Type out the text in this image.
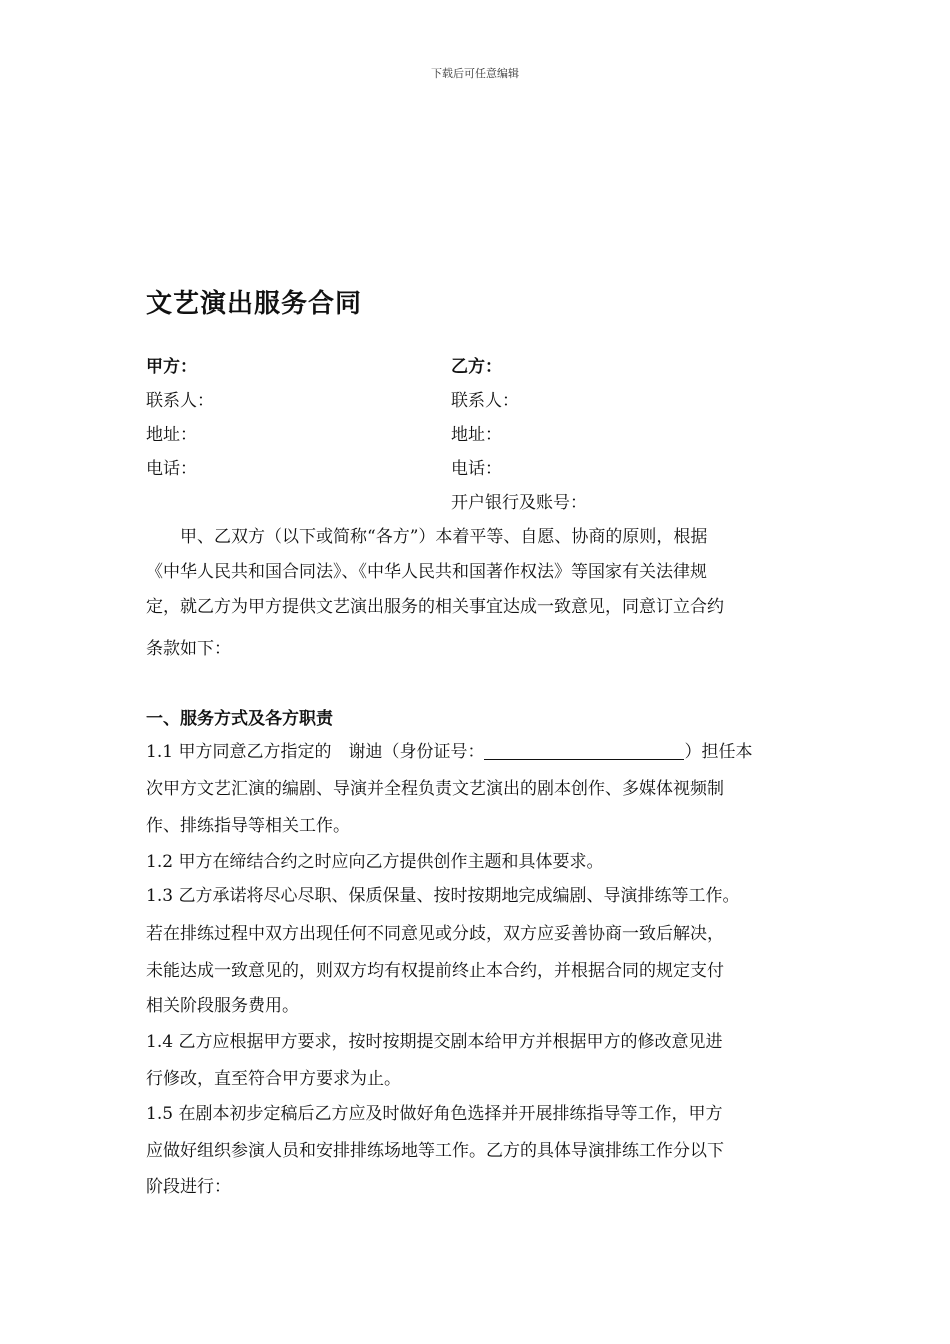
下载后可任意编辑
文艺演出服务合同
甲方：
联系人：
地址：
电话：
乙方：
联系人：
地址：
电话：
开户银行及账号：
　　甲、乙双方（以下或简称“各方”）本着平等、自愿、协商的原则，根据
《中华人民共和国合同法》、《中华人民共和国著作权法》等国家有关法律规
定，就乙方为甲方提供文艺演出服务的相关事宜达成一致意见，同意订立合约
条款如下：
一、服务方式及各方职责
1.1 甲方同意乙方指定的　谢迪（身份证号：	）担任本
次甲方文艺汇演的编剧、导演并全程负责文艺演出的剧本创作、多媒体视频制
作、排练指导等相关工作。
1.2 甲方在缔结合约之时应向乙方提供创作主题和具体要求。
1.3 乙方承诺将尽心尽职、保质保量、按时按期地完成编剧、导演排练等工作。
若在排练过程中双方出现任何不同意见或分歧，双方应妥善协商一致后解决，
未能达成一致意见的，则双方均有权提前终止本合约，并根据合同的规定支付
相关阶段服务费用。
1.4 乙方应根据甲方要求，按时按期提交剧本给甲方并根据甲方的修改意见进
行修改，直至符合甲方要求为止。
1.5 在剧本初步定稿后乙方应及时做好角色选择并开展排练指导等工作，甲方
应做好组织参演人员和安排排练场地等工作。乙方的具体导演排练工作分以下
阶段进行：
